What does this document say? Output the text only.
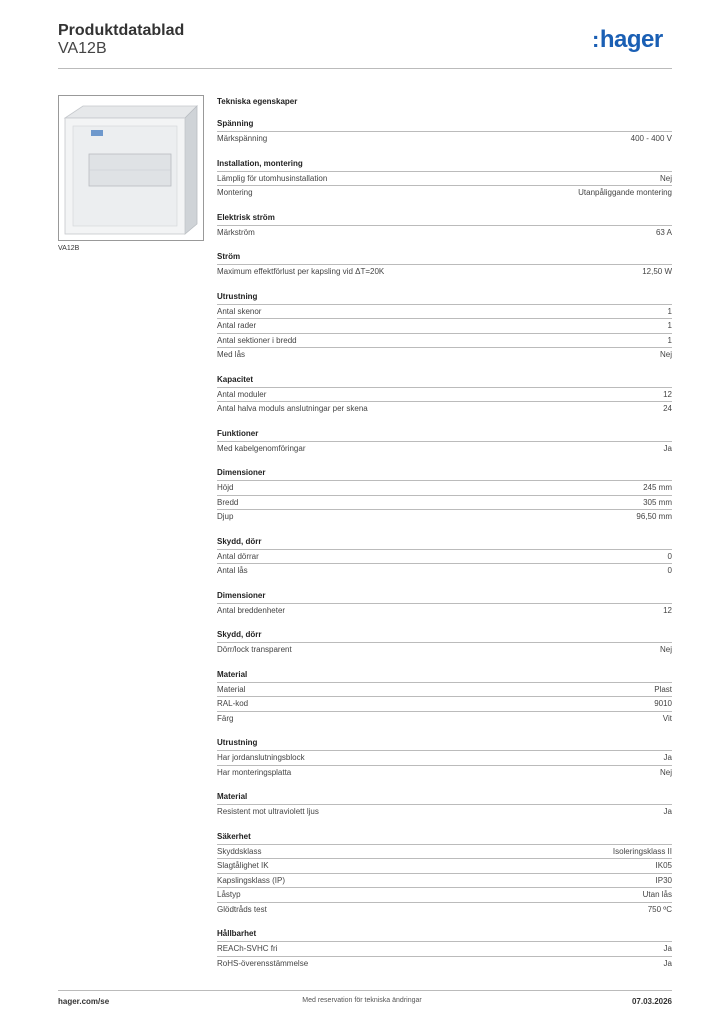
Produktdatablad
VA12B	:hager
VA12B
Tekniska egenskaper
Spänning
Märkspänning	400 - 400 V
Installation, montering
Lämplig för utomhusinstallation	Nej
Montering	Utanpåliggande montering
Elektrisk ström
Märkström	63 A
Ström
Maximum effektförlust per kapsling vid ΔT=20K	12,50 W
Utrustning
Antal skenor	1
Antal rader	1
Antal sektioner i bredd	1
Med lås	Nej
Kapacitet
Antal moduler	12
Antal halva moduls anslutningar per skena	24
Funktioner
Med kabelgenomföringar	Ja
Dimensioner
Höjd	245 mm
Bredd	305 mm
Djup	96,50 mm
Skydd, dörr
Antal dörrar	0
Antal lås	0
Dimensioner
Antal breddenheter	12
Skydd, dörr
Dörr/lock transparent	Nej
Material
Material	Plast
RAL-kod	9010
Färg	Vit
Utrustning
Har jordanslutningsblock	Ja
Har monteringsplatta	Nej
Material
Resistent mot ultraviolett ljus	Ja
Säkerhet
Skyddsklass	Isoleringsklass II
Slagtålighet IK	IK05
Kapslingsklass (IP)	IP30
Låstyp	Utan lås
Glödtråds test	750 ºC
Hållbarhet
REACh-SVHC fri	Ja
RoHS-överensstämmelse	Ja
hager.com/se	Med reservation för tekniska ändringar	07.03.2026
